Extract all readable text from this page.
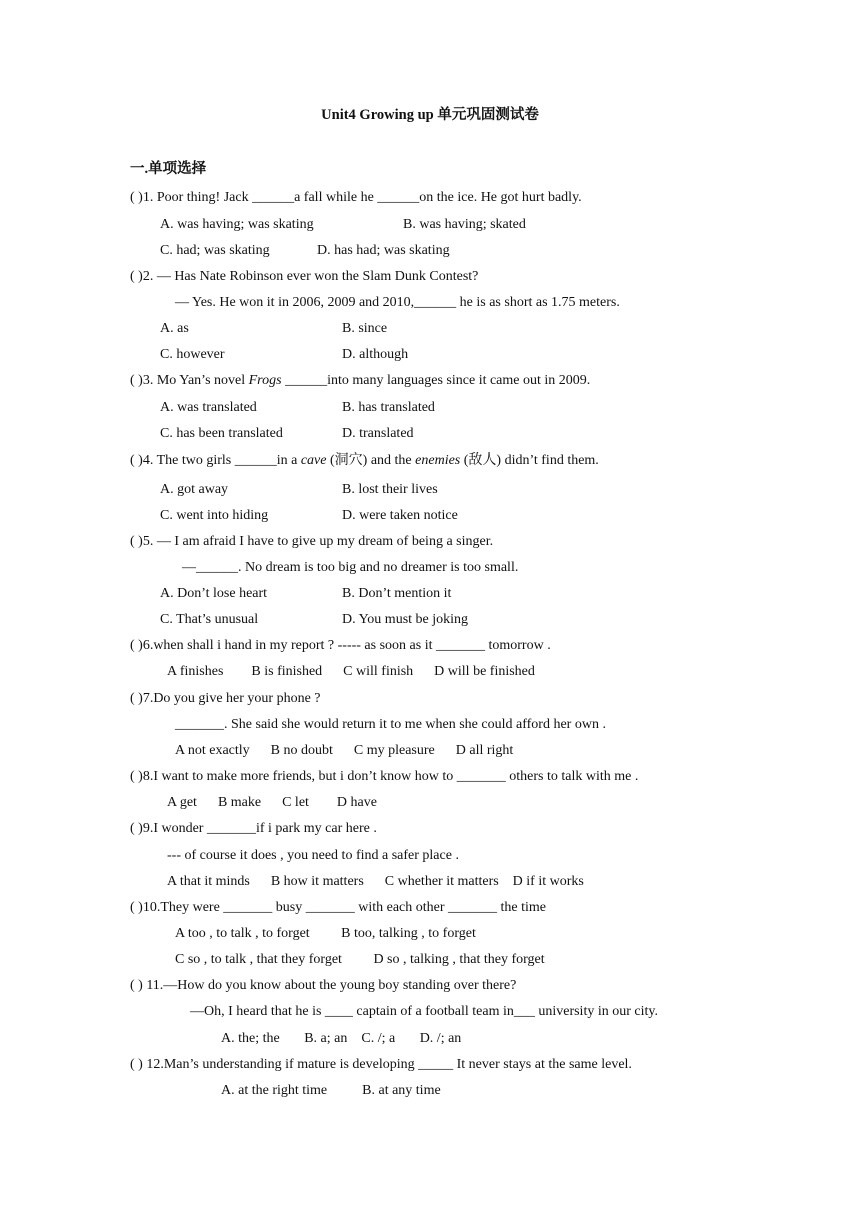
Unit4 Growing up 单元巩固测试卷
一.单项选择
( )1. Poor thing! Jack ______a fall while he ______on the ice. He got hurt badly.
A. was having; was skating	B. was having; skated
C. had; was skating	D. has had; was skating
( )2. — Has Nate Robinson ever won the Slam Dunk Contest?
— Yes. He won it in 2006, 2009 and 2010,______ he is as short as 1.75 meters.
A. as	B. since
C. however	D. although
( )3. Mo Yan’s novel Frogs ______into many languages since it came out in 2009.
A. was translated	B. has translated
C. has been translated	D. translated
( )4. The two girls ______in a cave (洞穴) and the enemies (敌人) didn’t find them.
A. got away	B. lost their lives
C. went into hiding	D. were taken notice
( )5. — I am afraid I have to give up my dream of being a singer.
—______. No dream is too big and no dreamer is too small.
A. Don’t lose heart	B. Don’t mention it
C. That’s unusual	D. You must be joking
( )6.when shall i hand in my report ? ----- as soon as it _______ tomorrow .
A finishes        B is finished      C will finish      D will be finished
( )7.Do you give her your phone ?
_______. She said she would return it to me when she could afford her own .
A not exactly      B no doubt      C my pleasure      D all right
( )8.I want to make more friends, but i don’t know how to _______ others to talk with me .
A get      B make      C let        D have
( )9.I wonder _______if i park my car here .
--- of course it does , you need to find a safer place .
A that it minds      B how it matters      C whether it matters    D if it works
( )10.They were _______ busy _______ with each other _______ the time
A too , to talk , to forget         B too, talking , to forget
C so , to talk , that they forget         D so , talking , that they forget
( ) 11.—How do you know about the young boy standing over there?
—Oh, I heard that he is ____ captain of a football team in___ university in our city.
A. the; the       B. a; an    C. /; a       D. /; an
( ) 12.Man’s understanding if mature is developing _____ It never stays at the same level.
A. at the right time          B. at any time
